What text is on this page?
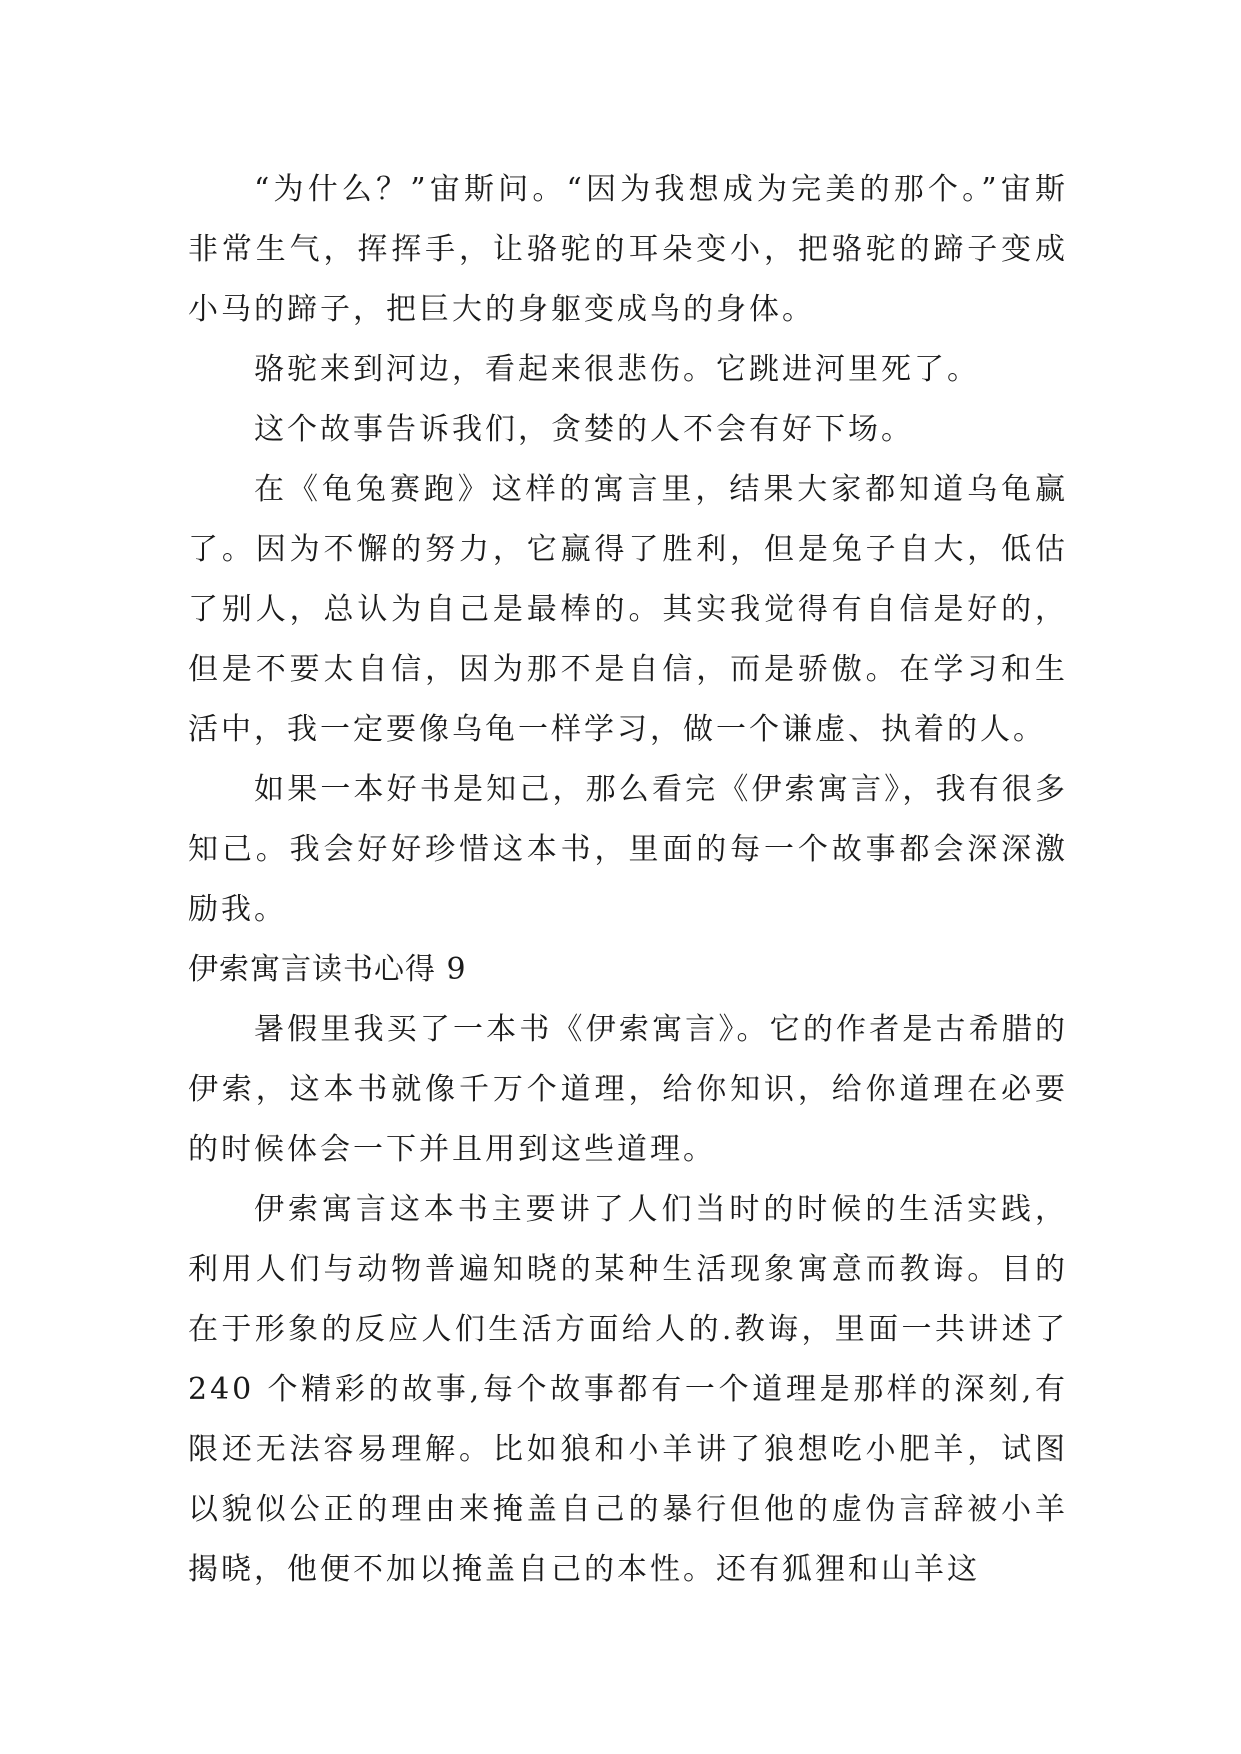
“为什么？”宙斯问。“因为我想成为完美的那个。”宙斯非常生气，挥挥手，让骆驼的耳朵变小，把骆驼的蹄子变成小马的蹄子，把巨大的身躯变成鸟的身体。

骆驼来到河边，看起来很悲伤。它跳进河里死了。

这个故事告诉我们，贪婪的人不会有好下场。

在《龟兔赛跑》这样的寓言里，结果大家都知道乌龟赢了。因为不懈的努力，它赢得了胜利，但是兔子自大，低估了别人，总认为自己是最棒的。其实我觉得有自信是好的，但是不要太自信，因为那不是自信，而是骄傲。在学习和生活中，我一定要像乌龟一样学习，做一个谦虚、执着的人。

如果一本好书是知己，那么看完《伊索寓言》，我有很多知己。我会好好珍惜这本书，里面的每一个故事都会深深激励我。

伊索寓言读书心得 9

暑假里我买了一本书《伊索寓言》。它的作者是古希腊的伊索，这本书就像千万个道理，给你知识，给你道理在必要的时候体会一下并且用到这些道理。

伊索寓言这本书主要讲了人们当时的时候的生活实践，利用人们与动物普遍知晓的某种生活现象寓意而教诲。目的在于形象的反应人们生活方面给人的.教诲，里面一共讲述了 240 个精彩的故事,每个故事都有一个道理是那样的深刻,有限还无法容易理解。比如狼和小羊讲了狼想吃小肥羊，试图以貌似公正的理由来掩盖自己的暴行但他的虚伪言辞被小羊揭晓，他便不加以掩盖自己的本性。还有狐狸和山羊这
